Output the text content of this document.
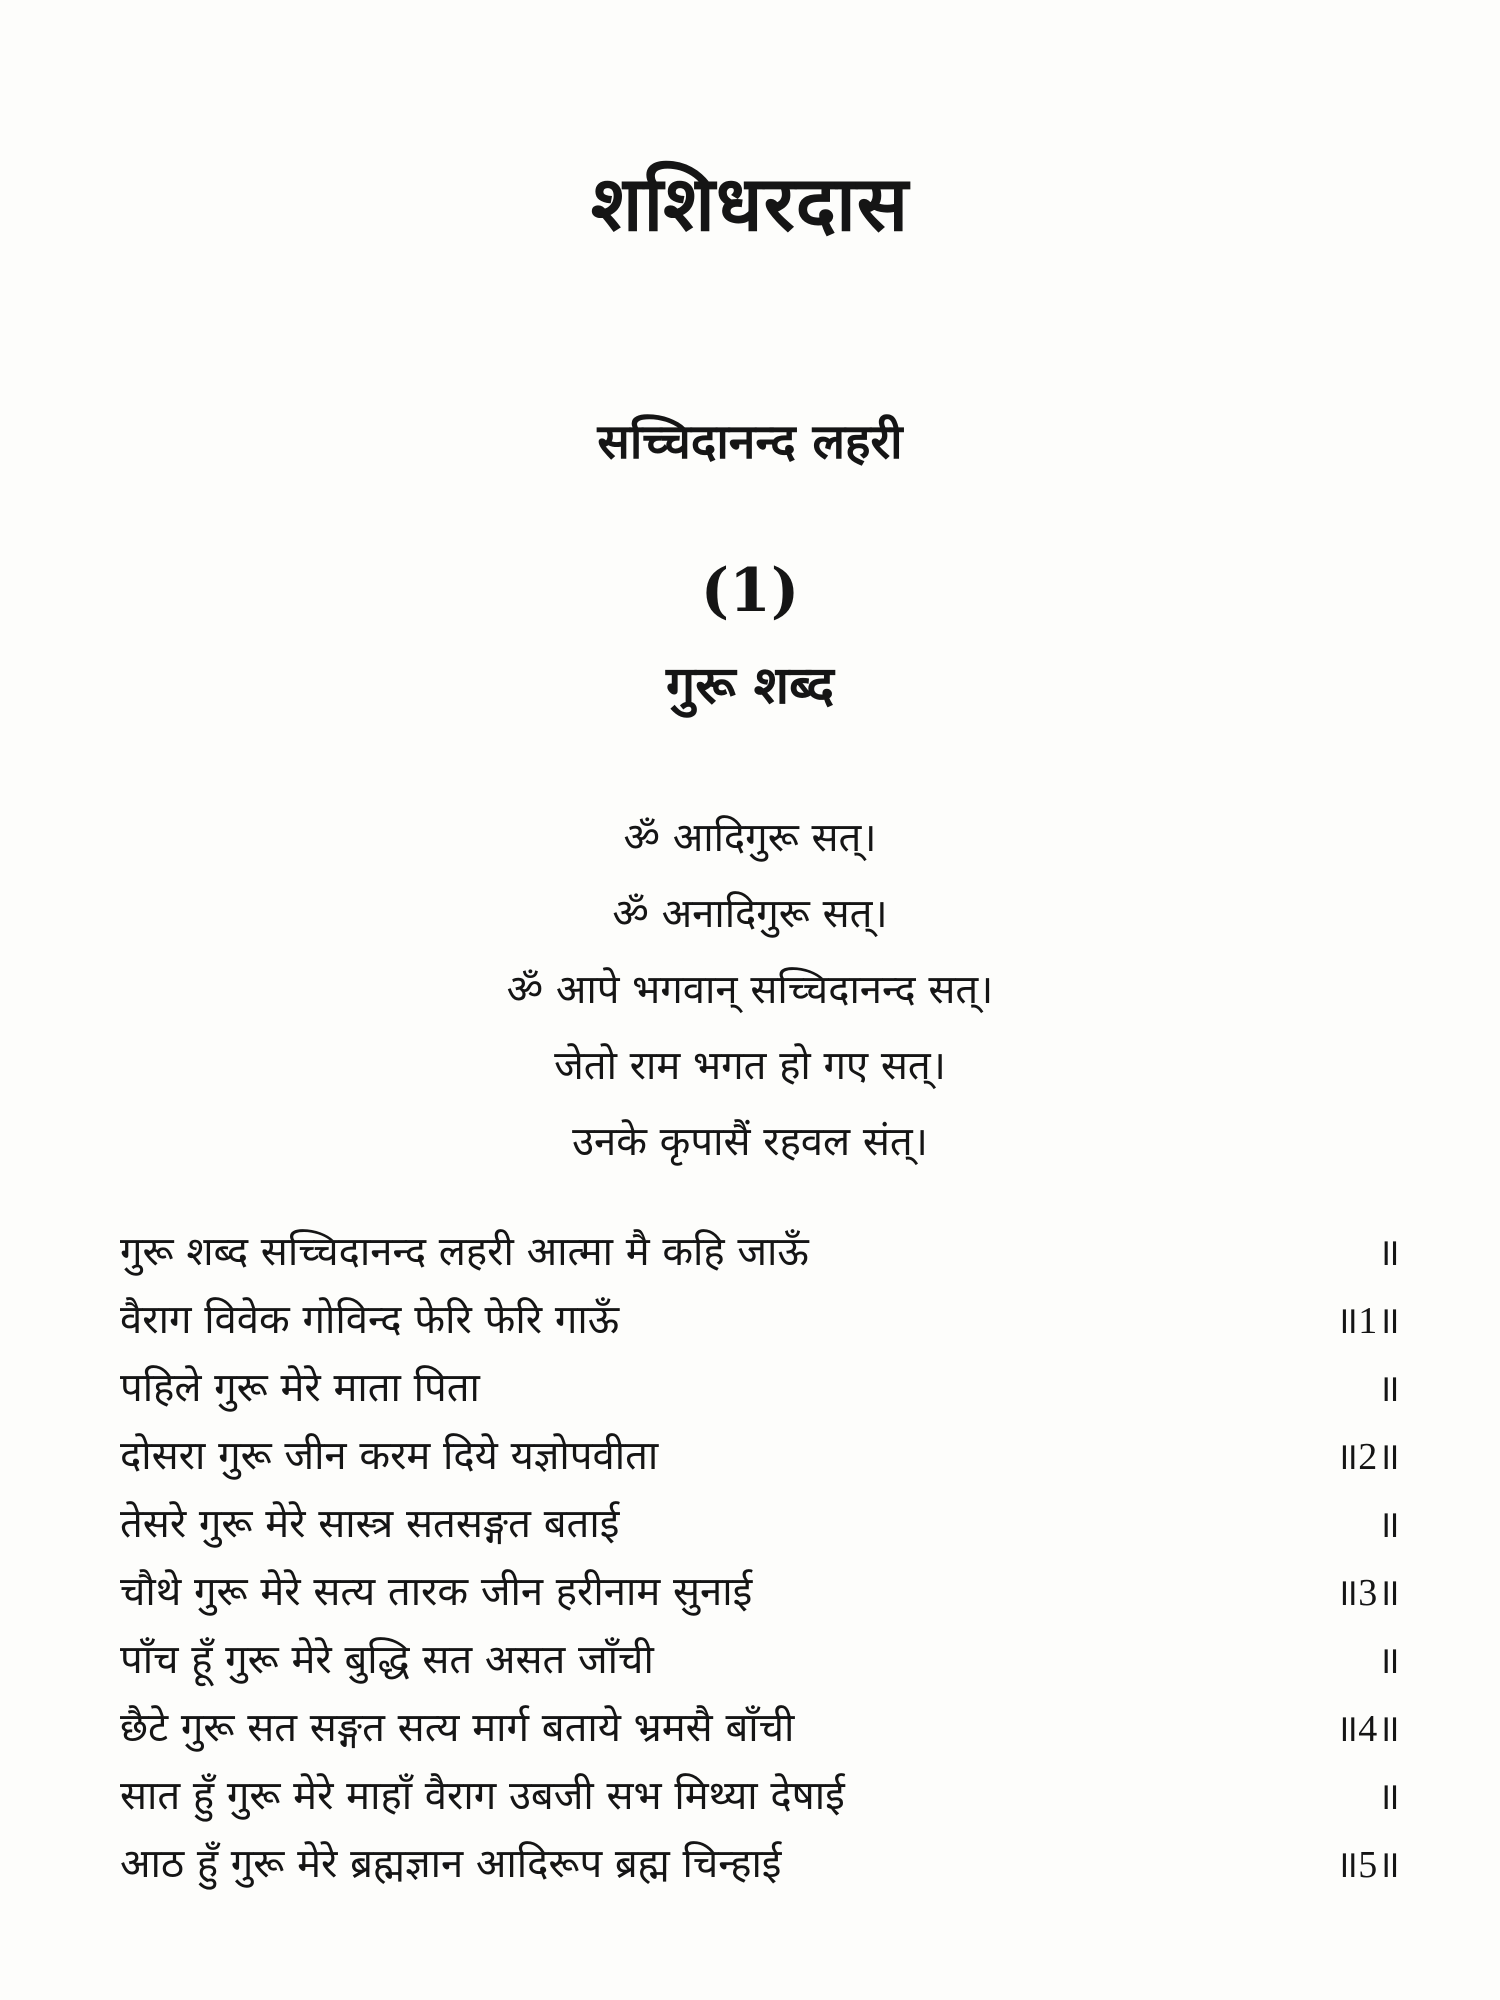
शशिधरदास
सच्चिदानन्द लहरी
(1)
गुरू शब्द
ॐ आदिगुरू सत्।
ॐ अनादिगुरू सत्।
ॐ आपे भगवान् सच्चिदानन्द सत्।
जेतो राम भगत हो गए सत्।
उनके कृपासैं रहवल संत्।
गुरू शब्द सच्चिदानन्द लहरी आत्मा मै कहि जाऊँ	॥
वैराग विवेक गोविन्द फेरि फेरि गाऊँ	॥1॥
पहिले गुरू मेरे माता पिता	॥
दोसरा गुरू जीन करम दिये यज्ञोपवीता	॥2॥
तेसरे गुरू मेरे सास्त्र सतसङ्गत बताई	॥
चौथे गुरू मेरे सत्य तारक जीन हरीनाम सुनाई	॥3॥
पाँच हूँ गुरू मेरे बुद्धि सत असत जाँची	॥
छैटे गुरू सत सङ्गत सत्य मार्ग बताये भ्रमसै बाँची	॥4॥
सात हुँ गुरू मेरे माहाँ वैराग उबजी सभ मिथ्या देषाई	॥
आठ हुँ गुरू मेरे ब्रह्मज्ञान आदिरूप ब्रह्म चिन्हाई	॥5॥
